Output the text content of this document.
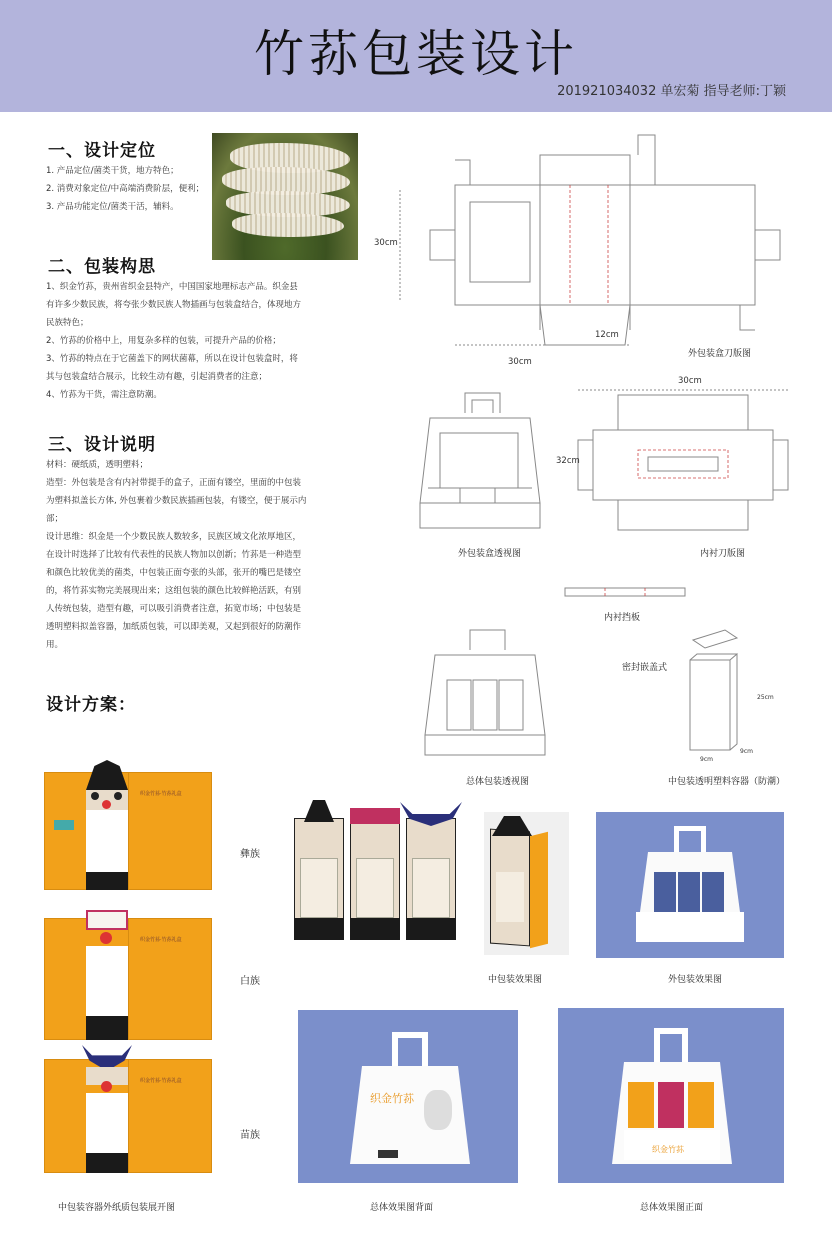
竹荪包装设计
201921034032 单宏菊 指导老师:丁颖
一、设计定位
1. 产品定位/菌类干货，地方特色；
2. 消费对象定位/中高端消费阶层，便利；
3. 产品功能定位/菌类干活，辅料。
二、包装构思
1、织金竹荪，贵州省织金县特产，中国国家地理标志产品。织金县
有许多少数民族，将夸张少数民族人物插画与包装盒结合，体现地方
民族特色；
2、竹荪的价格中上，用复杂多样的包装，可提升产品的价格；
3、竹荪的特点在于它菌盖下的网状菌幕，所以在设计包装盒时，将
其与包装盒结合展示，比较生动有趣，引起消费者的注意；
4、竹荪为干货，需注意防潮。
三、设计说明
材料：硬纸质，透明塑料；
造型：外包装是含有内衬带提手的盒子，正面有镂空，里面的中包装
为塑料拟盖长方体, 外包裹着少数民族插画包装，有镂空，便于展示内
部；
设计思维：织金是一个少数民族人数较多，民族区域文化浓厚地区，
在设计时选择了比较有代表性的民族人物加以创新；竹荪是一种造型
和颜色比较优美的菌类，中包装正面夸张的头部，张开的嘴巴是镂空
的，将竹荪实物完美展现出来；这组包装的颜色比较鲜艳活跃，有别
人传统包装，造型有趣，可以吸引消费者注意，拓宽市场；中包装是
透明塑料拟盖容器，加纸质包装，可以即美观，又起到很好的防潮作
用。
设计方案：
30cm
12cm
30cm
外包装盒刀版图
外包装盒透视图
30cm
32cm
内衬刀版图
内衬挡板
总体包装透视图
密封嵌盖式
25cm
9cm
9cm
中包装透明塑料容器（防潮）
织金竹荪·竹荪礼盒
彝族
织金竹荪·竹荪礼盒
白族
织金竹荪·竹荪礼盒
苗族
中包装容器外纸质包装展开图
中包装效果图	外包装效果图
织金竹荪
总体效果图背面
织金竹荪
总体效果图正面
